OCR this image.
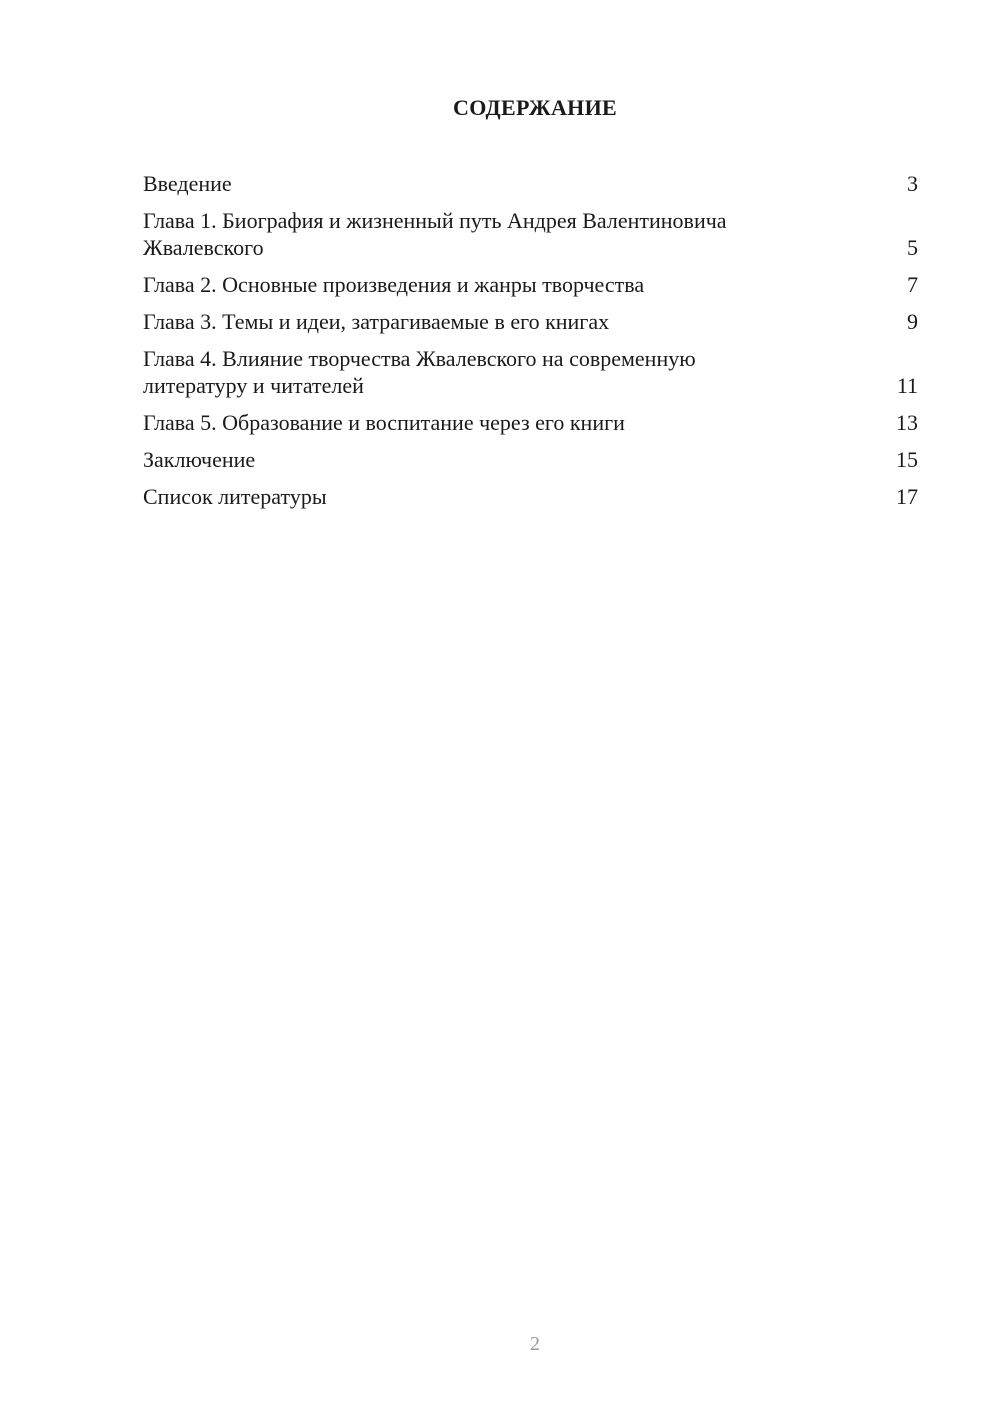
СОДЕРЖАНИЕ
Введение	3
Глава 1. Биография и жизненный путь Андрея Валентиновича Жвалевского	5
Глава 2. Основные произведения и жанры творчества	7
Глава 3. Темы и идеи, затрагиваемые в его книгах	9
Глава 4. Влияние творчества Жвалевского на современную литературу и читателей	11
Глава 5. Образование и воспитание через его книги	13
Заключение	15
Список литературы	17
2
